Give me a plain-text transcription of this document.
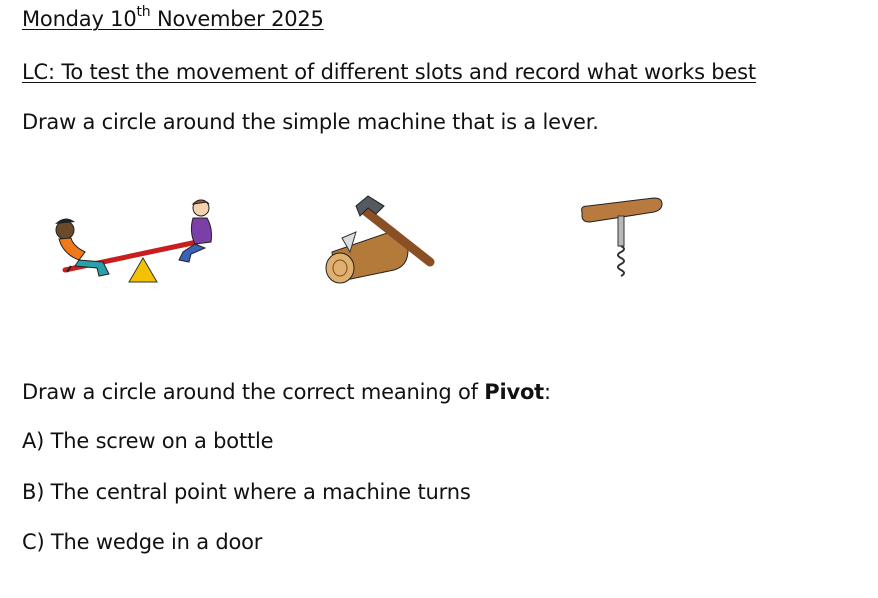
Monday 10th November 2025
LC: To test the movement of different slots and record what works best
Draw a circle around the simple machine that is a lever.
Draw a circle around the correct meaning of Pivot:
A) The screw on a bottle
B) The central point where a machine turns
C) The wedge in a door
